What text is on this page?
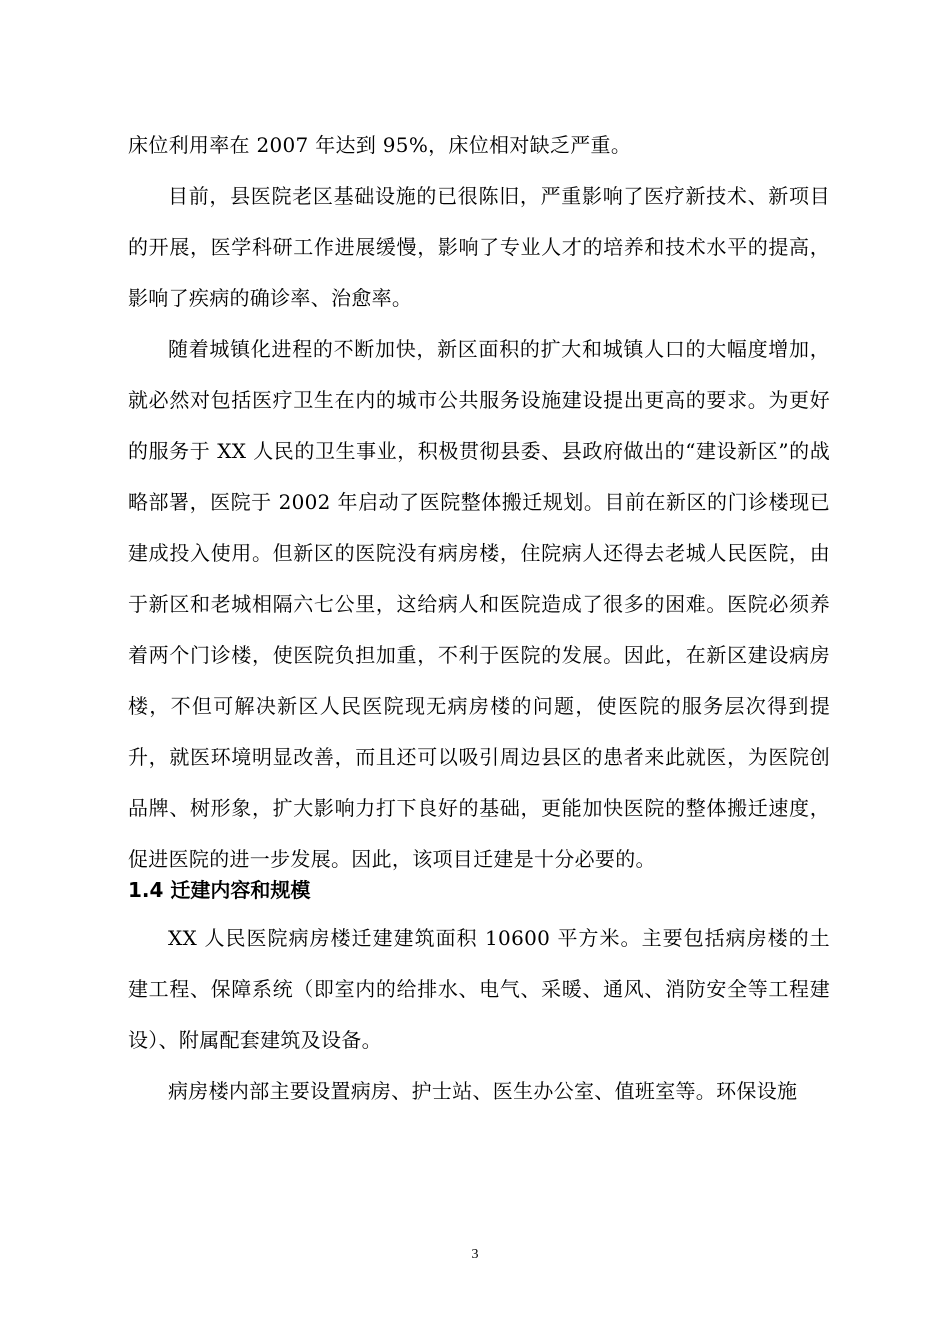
床位利用率在 2007 年达到 95%，床位相对缺乏严重。

目前，县医院老区基础设施的已很陈旧，严重影响了医疗新技术、新项目的开展，医学科研工作进展缓慢，影响了专业人才的培养和技术水平的提高，影响了疾病的确诊率、治愈率。

随着城镇化进程的不断加快，新区面积的扩大和城镇人口的大幅度增加，就必然对包括医疗卫生在内的城市公共服务设施建设提出更高的要求。为更好的服务于 XX 人民的卫生事业，积极贯彻县委、县政府做出的“建设新区”的战略部署，医院于 2002 年启动了医院整体搬迁规划。目前在新区的门诊楼现已建成投入使用。但新区的医院没有病房楼，住院病人还得去老城人民医院，由于新区和老城相隔六七公里，这给病人和医院造成了很多的困难。医院必须养着两个门诊楼，使医院负担加重，不利于医院的发展。因此，在新区建设病房楼，不但可解决新区人民医院现无病房楼的问题，使医院的服务层次得到提升，就医环境明显改善，而且还可以吸引周边县区的患者来此就医，为医院创品牌、树形象，扩大影响力打下良好的基础，更能加快医院的整体搬迁速度，促进医院的进一步发展。因此，该项目迁建是十分必要的。

1.4 迁建内容和规模

XX 人民医院病房楼迁建建筑面积 10600 平方米。主要包括病房楼的土建工程、保障系统（即室内的给排水、电气、采暖、通风、消防安全等工程建设）、附属配套建筑及设备。

病房楼内部主要设置病房、护士站、医生办公室、值班室等。环保设施

3
